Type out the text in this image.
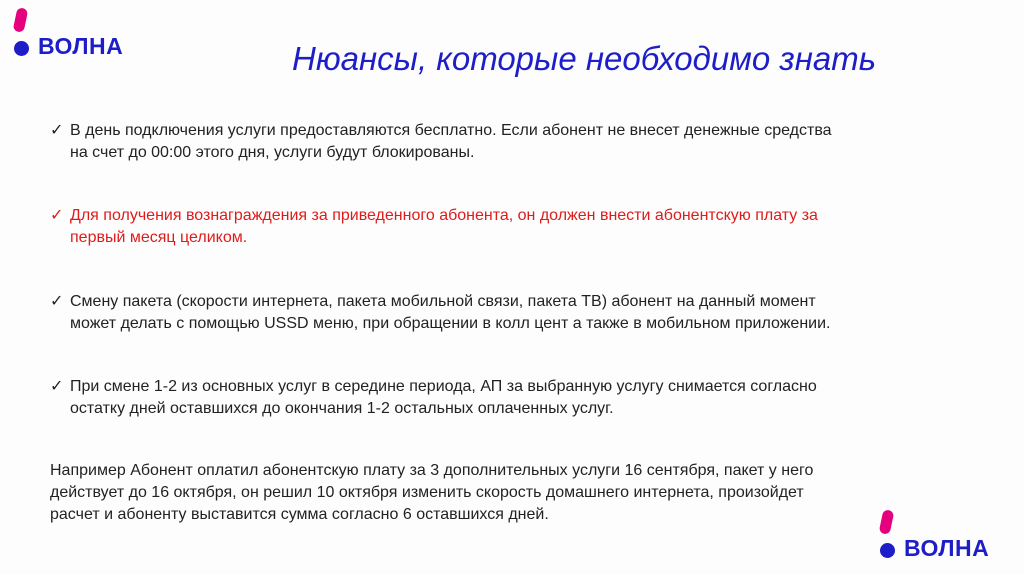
ВОЛНА	Нюансы, которые необходимо знать
✓ В день подключения услуги предоставляются бесплатно. Если абонент не внесет денежные средства
на счет до 00:00 этого дня, услуги будут блокированы.
✓ Для получения вознаграждения за приведенного абонента, он должен внести абонентскую плату за
первый месяц целиком.
✓ Смену пакета (скорости интернета, пакета мобильной связи, пакета ТВ) абонент на данный момент
может делать с помощью USSD меню, при обращении в колл цент а также в мобильном приложении.
✓ При смене 1-2 из основных услуг в середине периода, АП за выбранную услугу снимается согласно
остатку дней оставшихся до окончания 1-2 остальных оплаченных услуг.
Например Абонент оплатил абонентскую плату за 3 дополнительных услуги 16 сентября, пакет у него
действует до 16 октября, он решил 10 октября изменить скорость домашнего интернета, произойдет
расчет и абоненту выставится сумма согласно 6 оставшихся дней.
ВОЛНА
